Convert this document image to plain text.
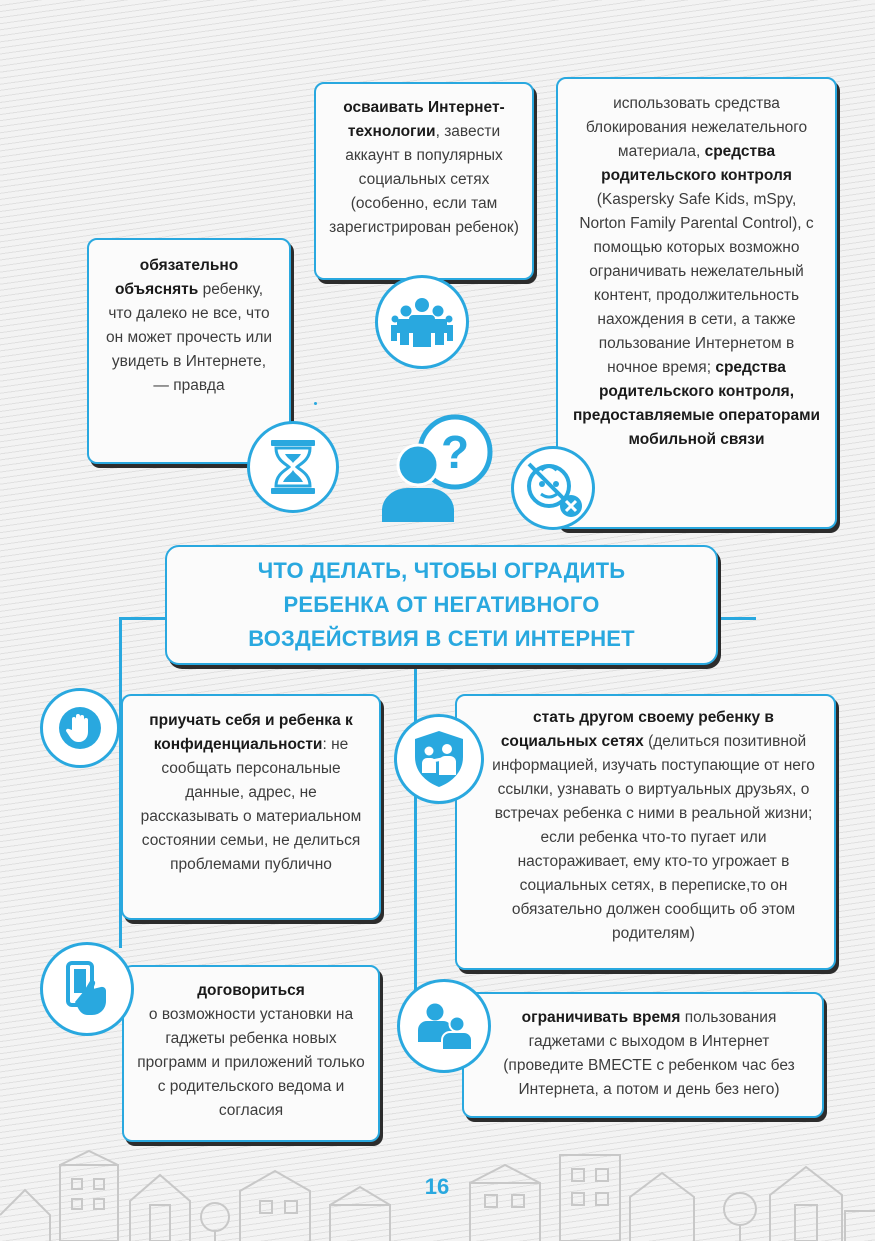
осваивать Интернет-технологии, завести аккаунт в популярных социальных сетях (особенно, если там зарегистрирован ребенок)

обязательно объяснять ребенку, что далеко не все, что он может прочесть или увидеть в Интернете, — правда

использовать средства блокирования нежелательного материала, средства родительского контроля (Kaspersky Safe Kids, mSpy, Norton Family Parental Control), с помощью которых возможно ограничивать нежелательный контент, продолжительность нахождения в сети, а также пользование Интернетом в ночное время; средства родительского контроля, предоставляемые операторами мобильной связи

?
ЧТО ДЕЛАТЬ, ЧТОБЫ ОГРАДИТЬ
РЕБЕНКА ОТ НЕГАТИВНОГО
ВОЗДЕЙСТВИЯ В СЕТИ ИНТЕРНЕТ

приучать себя и ребенка к конфиденциальности: не сообщать персональные данные, адрес, не рассказывать о материальном состоянии семьи, не делиться проблемами публично

стать другом своему ребенку в социальных сетях (делиться позитивной информацией, изучать поступающие от него ссылки, узнавать о виртуальных друзьях, о встречах ребенка с ними в реальной жизни; если ребенка что-то пугает или настораживает, ему кто-то угрожает в социальных сетях, в переписке,то он обязательно должен сообщить об этом родителям)

договориться
о возможности установки на гаджеты ребенка новых программ и приложений только с родительского ведома и согласия

ограничивать время пользования гаджетами с выходом в Интернет (проведите ВМЕСТЕ с ребенком час без Интернета, а потом и день без него)

16
